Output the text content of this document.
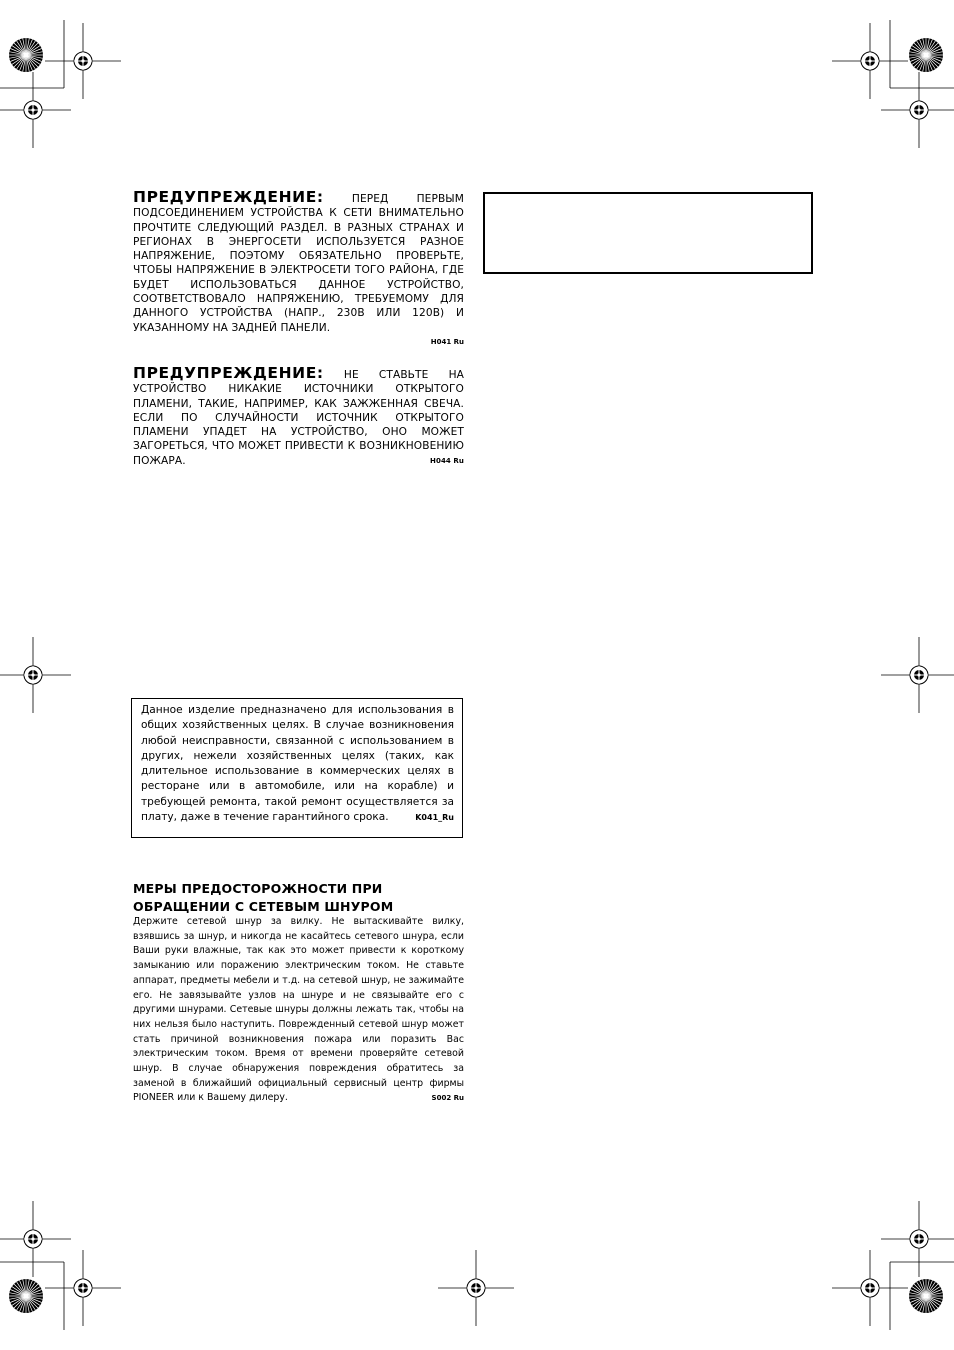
ПРЕДУПРЕЖДЕНИЕ:	ПЕРЕД ПЕРВЫМ ПОДСОЕДИНЕНИЕМ УСТРОЙСТВА К СЕТИ ВНИМАТЕЛЬНО ПРОЧТИТЕ СЛЕДУЮЩИЙ РАЗДЕЛ. В РАЗНЫХ СТРАНАХ И РЕГИОНАХ В ЭНЕРГОСЕТИ ИСПОЛЬЗУЕТСЯ РАЗНОЕ НАПРЯЖЕНИЕ, ПОЭТОМУ ОБЯЗАТЕЛЬНО ПРОВЕРЬТЕ, ЧТОБЫ НАПРЯЖЕНИЕ В ЭЛЕКТРОСЕТИ ТОГО РАЙОНА, ГДЕ БУДЕТ ИСПОЛЬЗОВАТЬСЯ ДАННОЕ УСТРОЙСТВО, СООТВЕТСТВОВАЛО НАПРЯЖЕНИЮ, ТРЕБУЕМОМУ ДЛЯ ДАННОГО УСТРОЙСТВА (НАПР., 230В ИЛИ 120В) И УКАЗАННОМУ НА ЗАДНЕЙ ПАНЕЛИ.

H041 Ru

ПРЕДУПРЕЖДЕНИЕ: НЕ СТАВЬТЕ НА УСТРОЙСТВО НИКАКИЕ ИСТОЧНИКИ ОТКРЫТОГО ПЛАМЕНИ, ТАКИЕ, НАПРИМЕР, КАК ЗАЖЖЕННАЯ СВЕЧА. ЕСЛИ ПО СЛУЧАЙНОСТИ ИСТОЧНИК ОТКРЫТОГО ПЛАМЕНИ УПАДЕТ НА УСТРОЙСТВО, ОНО МОЖЕТ ЗАГОРЕТЬСЯ, ЧТО МОЖЕТ ПРИВЕСТИ К ВОЗНИКНОВЕНИЮ ПОЖАРА.	H044 Ru

Данное изделие предназначено для использования в общих хозяйственных целях. В случае возникновения любой неисправности, связанной с использованием в других, нежели хозяйственных целях (таких, как длительное использование в коммерческих целях в ресторане или в автомобиле, или на корабле) и требующей ремонта, такой ремонт осуществляется за плату, даже в течение гарантийного срока.	K041_Ru
МЕРЫ ПРЕДОСТОРОЖНОСТИ ПРИ ОБРАЩЕНИИ С СЕТЕВЫМ ШНУРОМ

Держите сетевой шнур за вилку. Не вытаскивайте вилку, взявшись за шнур, и никогда не касайтесь сетевого шнура, если Ваши руки влажные, так как это может привести к короткому замыканию или поражению электрическим током. Не ставьте аппарат, предметы мебели и т.д. на сетевой шнур, не зажимайте его. Не завязывайте узлов на шнуре и не связывайте его с другими шнурами. Сетевые шнуры должны лежать так, чтобы на них нельзя было наступить. Поврежденный сетевой шнур может стать причиной возникновения пожара или поразить Вас электрическим током. Время от времени проверяйте сетевой шнур. В случае обнаружения повреждения обратитесь за заменой в ближайший официальный сервисный центр фирмы PIONEER или к Вашему дилеру.	S002 Ru
